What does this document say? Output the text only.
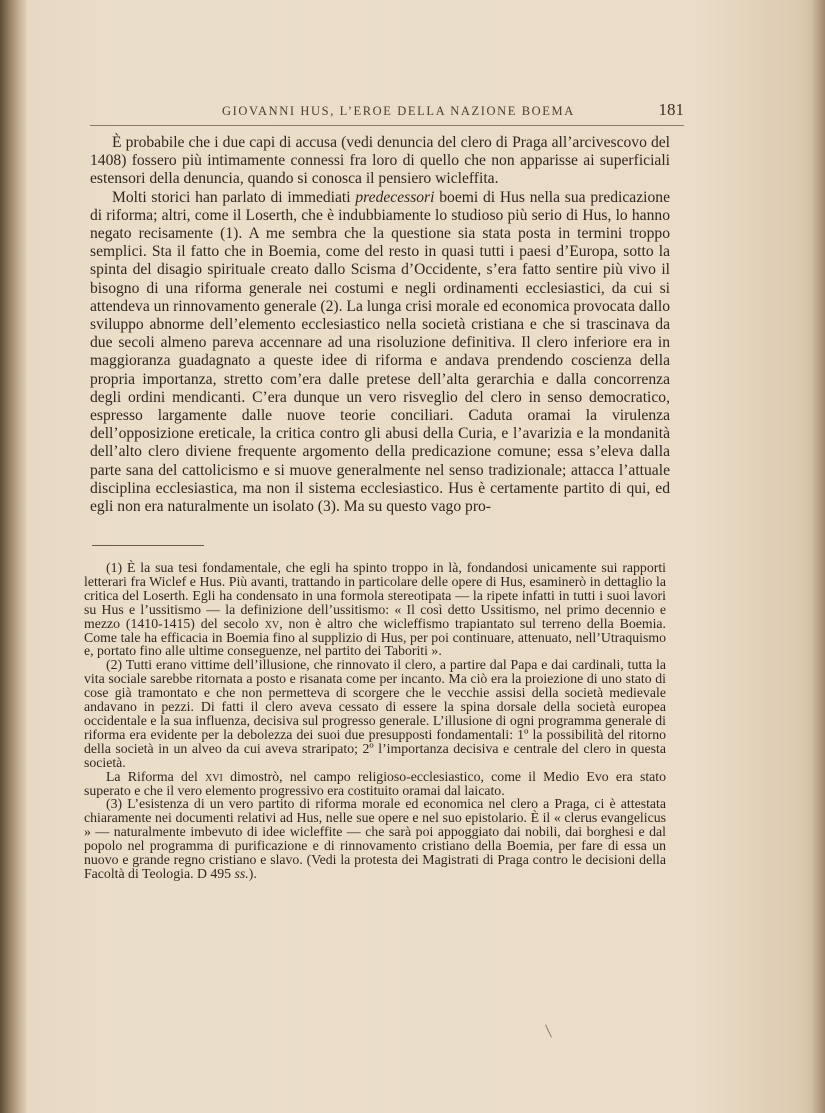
GIOVANNI HUS, L’EROE DELLA NAZIONE BOEMA	181

È probabile che i due capi di accusa (vedi denuncia del clero di Praga all’arcivescovo del 1408) fossero più intimamente connessi fra loro di quello che non apparisse ai superficiali estensori della denuncia, quando si conosca il pensiero wicleffita.

Molti storici han parlato di immediati predecessori boemi di Hus nella sua predicazione di riforma; altri, come il Loserth, che è indubbiamente lo studioso più serio di Hus, lo hanno negato recisamente (1). A me sembra che la questione sia stata posta in termini troppo semplici. Sta il fatto che in Boemia, come del resto in quasi tutti i paesi d’Europa, sotto la spinta del disagio spirituale creato dallo Scisma d’Occidente, s’era fatto sentire più vivo il bisogno di una riforma generale nei costumi e negli ordinamenti ecclesiastici, da cui si attendeva un rinnovamento generale (2). La lunga crisi morale ed economica provocata dallo sviluppo abnorme dell’elemento ecclesiastico nella società cristiana e che si trascinava da due secoli almeno pareva accennare ad una risoluzione definitiva. Il clero inferiore era in maggioranza guadagnato a queste idee di riforma e andava prendendo coscienza della propria importanza, stretto com’era dalle pretese dell’alta gerarchia e dalla concorrenza degli ordini mendicanti. C’era dunque un vero risveglio del clero in senso democratico, espresso largamente dalle nuove teorie conciliari. Caduta oramai la virulenza dell’opposizione ereticale, la critica contro gli abusi della Curia, e l’avarizia e la mondanità dell’alto clero diviene frequente argomento della predicazione comune; essa s’eleva dalla parte sana del cattolicismo e si muove generalmente nel senso tradizionale; attacca l’attuale disciplina ecclesiastica, ma non il sistema ecclesiastico. Hus è certamente partito di qui, ed egli non era naturalmente un isolato (3). Ma su questo vago pro-

(1) È la sua tesi fondamentale, che egli ha spinto troppo in là, fondandosi unicamente sui rapporti letterari fra Wiclef e Hus. Più avanti, trattando in particolare delle opere di Hus, esaminerò in dettaglio la critica del Loserth. Egli ha condensato in una formola stereotipata — la ripete infatti in tutti i suoi lavori su Hus e l’ussitismo — la definizione dell’ussitismo: « Il così detto Ussitismo, nel primo decennio e mezzo (1410-1415) del secolo xv, non è altro che wicleffismo trapiantato sul terreno della Boemia. Come tale ha efficacia in Boemia fino al supplizio di Hus, per poi continuare, attenuato, nell’Utraquismo e, portato fino alle ultime conseguenze, nel partito dei Taboriti ».

(2) Tutti erano vittime dell’illusione, che rinnovato il clero, a partire dal Papa e dai cardinali, tutta la vita sociale sarebbe ritornata a posto e risanata come per incanto. Ma ciò era la proiezione di uno stato di cose già tramontato e che non permetteva di scorgere che le vecchie assisi della società medievale andavano in pezzi. Di fatti il clero aveva cessato di essere la spina dorsale della società europea occidentale e la sua influenza, decisiva sul progresso generale. L’illusione di ogni programma generale di riforma era evidente per la debolezza dei suoi due presupposti fondamentali: 1º la possibilità del ritorno della società in un alveo da cui aveva straripato; 2º l’importanza decisiva e centrale del clero in questa società.

La Riforma del xvi dimostrò, nel campo religioso-ecclesiastico, come il Medio Evo era stato superato e che il vero elemento progressivo era costituito oramai dal laicato.

(3) L’esistenza di un vero partito di riforma morale ed economica nel clero a Praga, ci è attestata chiaramente nei documenti relativi ad Hus, nelle sue opere e nel suo epistolario. È il « clerus evangelicus » — naturalmente imbevuto di idee wicleffite — che sarà poi appoggiato dai nobili, dai borghesi e dal popolo nel programma di purificazione e di rinnovamento cristiano della Boemia, per fare di essa un nuovo e grande regno cristiano e slavo. (Vedi la protesta dei Magistrati di Praga contro le decisioni della Facoltà di Teologia. D 495 ss.).
